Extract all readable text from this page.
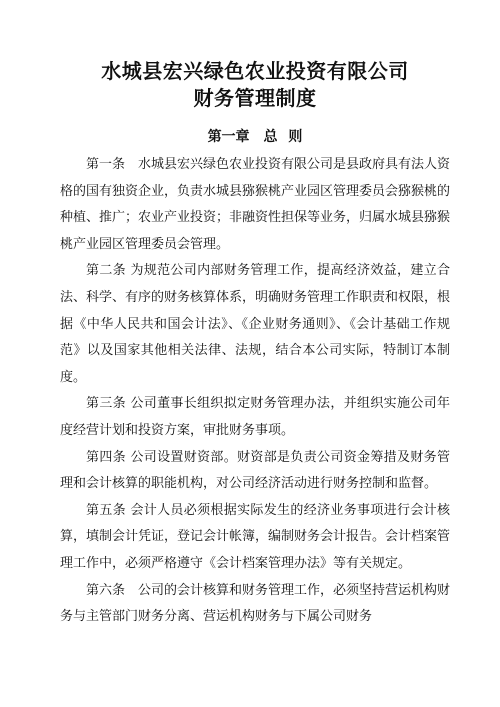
水城县宏兴绿色农业投资有限公司
财务管理制度
第一章　总 则

第一条　水城县宏兴绿色农业投资有限公司是县政府具有法人资格的国有独资企业，负责水城县猕猴桃产业园区管理委员会猕猴桃的种植、推广；农业产业投资；非融资性担保等业务，归属水城县猕猴桃产业园区管理委员会管理。

第二条 为规范公司内部财务管理工作，提高经济效益，建立合法、科学、有序的财务核算体系，明确财务管理工作职责和权限，根据《中华人民共和国会计法》、《企业财务通则》、《会计基础工作规范》以及国家其他相关法律、法规，结合本公司实际，特制订本制度。

第三条 公司董事长组织拟定财务管理办法，并组织实施公司年度经营计划和投资方案，审批财务事项。

第四条 公司设置财资部。财资部是负责公司资金筹措及财务管理和会计核算的职能机构，对公司经济活动进行财务控制和监督。

第五条 会计人员必须根据实际发生的经济业务事项进行会计核算，填制会计凭证，登记会计帐簿，编制财务会计报告。会计档案管理工作中，必须严格遵守《会计档案管理办法》等有关规定。

第六条　公司的会计核算和财务管理工作，必须坚持营运机构财务与主管部门财务分离、营运机构财务与下属公司财务
